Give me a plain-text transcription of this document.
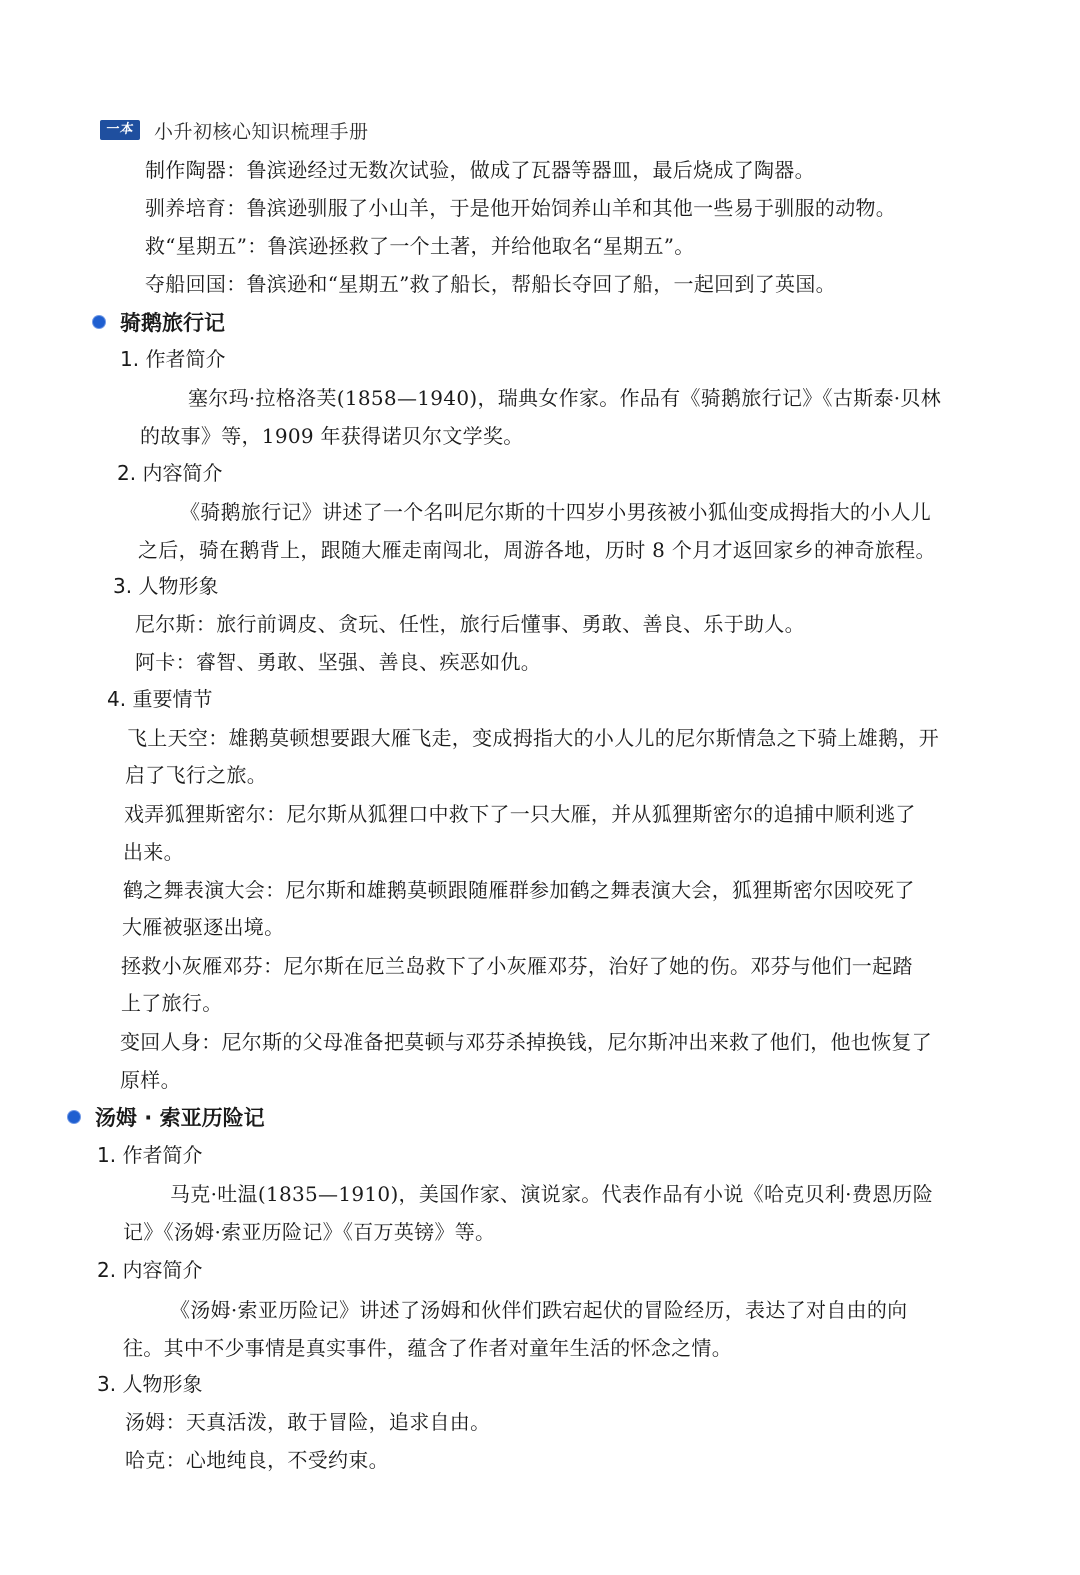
一本 小升初核心知识梳理手册
制作陶器：鲁滨逊经过无数次试验，做成了瓦器等器皿，最后烧成了陶器。
驯养培育：鲁滨逊驯服了小山羊，于是他开始饲养山羊和其他一些易于驯服的动物。
救“星期五”：鲁滨逊拯救了一个土著，并给他取名“星期五”。
夺船回国：鲁滨逊和“星期五”救了船长，帮船长夺回了船，一起回到了英国。
骑鹅旅行记
1. 作者简介
塞尔玛·拉格洛芙(1858—1940)，瑞典女作家。作品有《骑鹅旅行记》《古斯泰·贝林
的故事》等，1909 年获得诺贝尔文学奖。
2. 内容简介
《骑鹅旅行记》讲述了一个名叫尼尔斯的十四岁小男孩被小狐仙变成拇指大的小人儿
之后，骑在鹅背上，跟随大雁走南闯北，周游各地，历时 8 个月才返回家乡的神奇旅程。
3. 人物形象
尼尔斯：旅行前调皮、贪玩、任性，旅行后懂事、勇敢、善良、乐于助人。
阿卡：睿智、勇敢、坚强、善良、疾恶如仇。
4. 重要情节
飞上天空：雄鹅莫顿想要跟大雁飞走，变成拇指大的小人儿的尼尔斯情急之下骑上雄鹅，开
启了飞行之旅。
戏弄狐狸斯密尔：尼尔斯从狐狸口中救下了一只大雁，并从狐狸斯密尔的追捕中顺利逃了
出来。
鹤之舞表演大会：尼尔斯和雄鹅莫顿跟随雁群参加鹤之舞表演大会，狐狸斯密尔因咬死了
大雁被驱逐出境。
拯救小灰雁邓芬：尼尔斯在厄兰岛救下了小灰雁邓芬，治好了她的伤。邓芬与他们一起踏
上了旅行。
变回人身：尼尔斯的父母准备把莫顿与邓芬杀掉换钱，尼尔斯冲出来救了他们，他也恢复了
原样。
汤姆 · 索亚历险记
1. 作者简介
马克·吐温(1835—1910)，美国作家、演说家。代表作品有小说《哈克贝利·费恩历险
记》《汤姆·索亚历险记》《百万英镑》等。
2. 内容简介
《汤姆·索亚历险记》讲述了汤姆和伙伴们跌宕起伏的冒险经历，表达了对自由的向
往。其中不少事情是真实事件，蕴含了作者对童年生活的怀念之情。
3. 人物形象
汤姆：天真活泼，敢于冒险，追求自由。
哈克：心地纯良，不受约束。
